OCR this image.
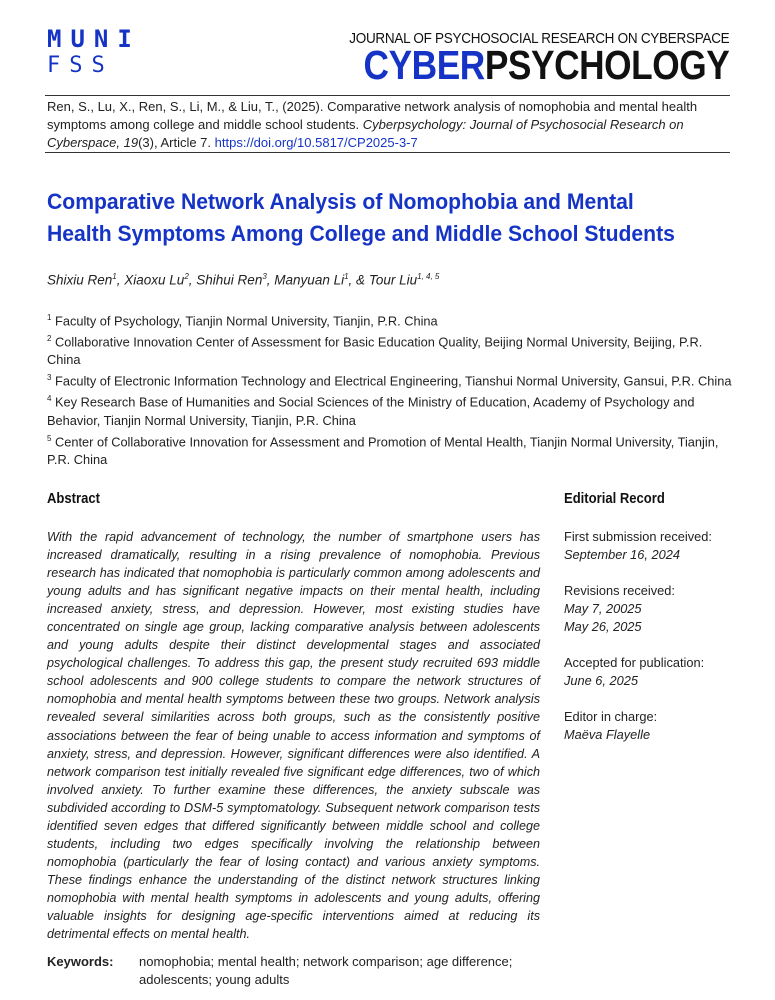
MUNI
FSS
JOURNAL OF PSYCHOSOCIAL RESEARCH ON CYBERSPACE
CYBERPSYCHOLOGY
Ren, S., Lu, X., Ren, S., Li, M., & Liu, T., (2025). Comparative network analysis of nomophobia and mental health symptoms among college and middle school students. Cyberpsychology: Journal of Psychosocial Research on Cyberspace, 19(3), Article 7. https://doi.org/10.5817/CP2025-3-7
Comparative Network Analysis of Nomophobia and Mental Health Symptoms Among College and Middle School Students
Shixiu Ren$^1$, Xiaoxu Lu$^2$, Shihui Ren$^3$, Manyuan Li$^1$, & Tour Liu$^{1, 4, 5}$
$^1$ Faculty of Psychology, Tianjin Normal University, Tianjin, P.R. China
$^2$ Collaborative Innovation Center of Assessment for Basic Education Quality, Beijing Normal University, Beijing, P.R. China
$^3$ Faculty of Electronic Information Technology and Electrical Engineering, Tianshui Normal University, Gansui, P.R. China
$^4$ Key Research Base of Humanities and Social Sciences of the Ministry of Education, Academy of Psychology and Behavior, Tianjin Normal University, Tianjin, P.R. China
$^5$ Center of Collaborative Innovation for Assessment and Promotion of Mental Health, Tianjin Normal University, Tianjin, P.R. China
Abstract	Editorial Record
With the rapid advancement of technology, the number of smartphone users has increased dramatically, resulting in a rising prevalence of nomophobia. Previous research has indicated that nomophobia is particularly common among adolescents and young adults and has significant negative impacts on their mental health, including increased anxiety, stress, and depression. However, most existing studies have concentrated on single age group, lacking comparative analysis between adolescents and young adults despite their distinct developmental stages and associated psychological challenges. To address this gap, the present study recruited 693 middle school adolescents and 900 college students to compare the network structures of nomophobia and mental health symptoms between these two groups. Network analysis revealed several similarities across both groups, such as the consistently positive associations between the fear of being unable to access information and symptoms of anxiety, stress, and depression. However, significant differences were also identified. A network comparison test initially revealed five significant edge differences, two of which involved anxiety. To further examine these differences, the anxiety subscale was subdivided according to DSM-5 symptomatology. Subsequent network comparison tests identified seven edges that differed significantly between middle school and college students, including two edges specifically involving the relationship between nomophobia (particularly the fear of losing contact) and various anxiety symptoms. These findings enhance the understanding of the distinct network structures linking nomophobia with mental health symptoms in adolescents and young adults, offering valuable insights for designing age-specific interventions aimed at reducing its detrimental effects on mental health.
First submission received:
September 16, 2024
Revisions received:
May 7, 20025
May 26, 2025
Accepted for publication:
June 6, 2025
Editor in charge:
Maëva Flayelle
Keywords: nomophobia; mental health; network comparison; age difference; adolescents; young adults
